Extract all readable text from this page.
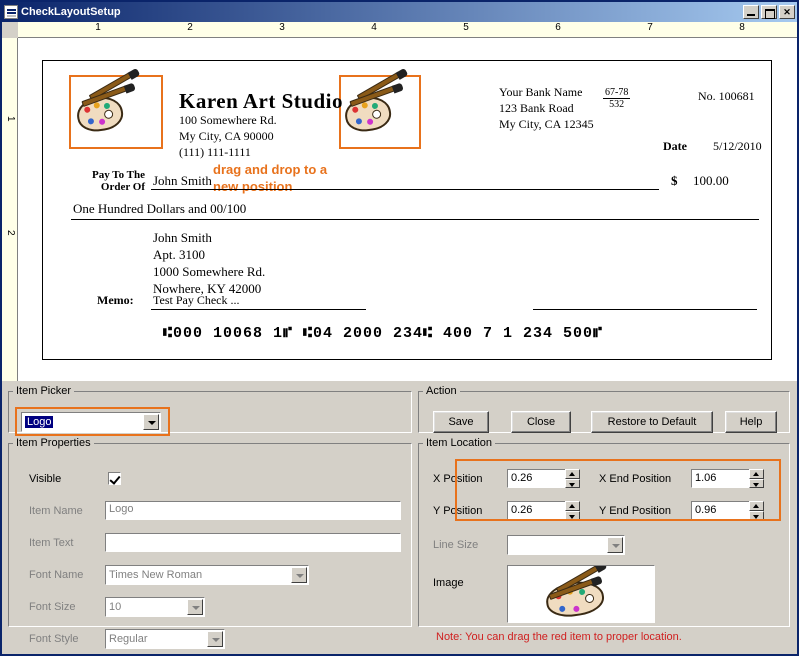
CheckLayoutSetup	✕
1	2	3	4	5	6	7	8
1
2
Karen Art Studio
100 Somewhere Rd.
My City, CA 90000
(111) 111-1111
drag and drop to a
new position
Your Bank Name
123 Bank Road
My City, CA 12345
$\frac{67-78}{532}$	No. 100681
Date 5/12/2010
Pay To The
Order Of John Smith	$ 100.00
One Hundred Dollars and 00/100
John Smith
Apt. 3100
1000 Somewhere Rd.
Nowhere, KY 42000
Memo: Test Pay Check ...
⑆000 10068 1⑈ ⑆04 2000 234⑆ 400 7 1 234 500⑈
Item Picker
Logo
Item Properties
Visible
Item Name	Logo
Item Text
Font Name Times New Roman
Font Size	10
Font Style	Regular
Action
Save	Close	Restore to Default	Help
Item Location
X Position	0.26	X End Position	1.06
Y Position	0.26	Y End Position	0.96
Line Size
Image
Note: You can drag the red item to proper location.
